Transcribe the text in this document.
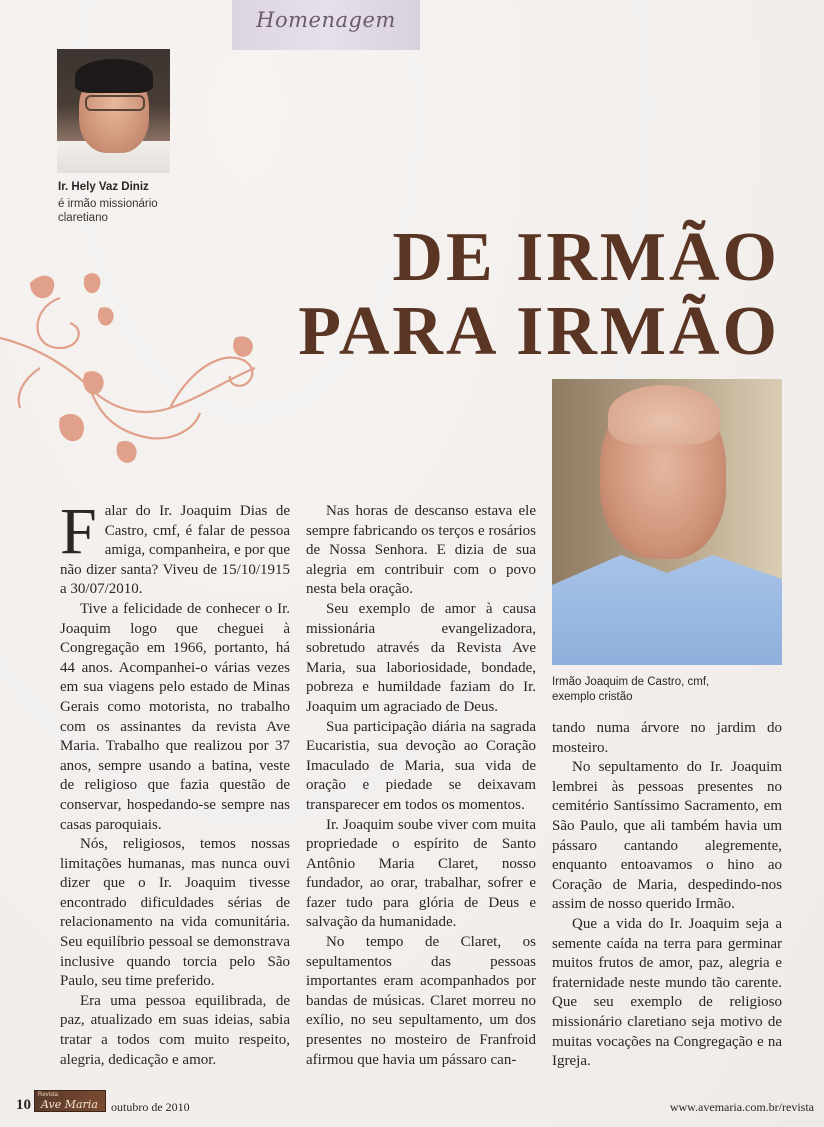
Homenagem
Ir. Hely Vaz Diniz
é irmão missionário claretiano
DE IRMÃO
PARA IRMÃO
Irmão Joaquim de Castro, cmf,
exemplo cristão

Falar do Ir. Joaquim Dias de Castro, cmf, é falar de pessoa amiga, companheira, e por que não dizer santa? Viveu de 15/10/1915 a 30/07/2010.

Tive a felicidade de conhecer o Ir. Joaquim logo que cheguei à Congregação em 1966, portanto, há 44 anos. Acompanhei-o várias vezes em sua viagens pelo estado de Minas Gerais como motorista, no trabalho com os assinantes da revista Ave Maria. Trabalho que realizou por 37 anos, sempre usando a batina, veste de religioso que fazia questão de conservar, hospedando-se sempre nas casas paroquiais.

Nós, religiosos, temos nossas limitações humanas, mas nunca ouvi dizer que o Ir. Joaquim tivesse encontrado dificuldades sérias de relacionamento na vida comunitária. Seu equilíbrio pessoal se demonstrava inclusive quando torcia pelo São Paulo, seu time preferido.

Era uma pessoa equilibrada, de paz, atualizado em suas ideias, sabia tratar a todos com muito respeito, alegria, dedicação e amor.

Nas horas de descanso estava ele sempre fabricando os terços e rosários de Nossa Senhora. E dizia de sua alegria em contribuir com o povo nesta bela oração.

Seu exemplo de amor à causa missionária evangelizadora, sobretudo através da Revista Ave Maria, sua laboriosidade, bondade, pobreza e humildade faziam do Ir. Joaquim um agraciado de Deus.

Sua participação diária na sagrada Eucaristia, sua devoção ao Coração Imaculado de Maria, sua vida de oração e piedade se deixavam transparecer em todos os momentos.

Ir. Joaquim soube viver com muita propriedade o espírito de Santo Antônio Maria Claret, nosso fundador, ao orar, trabalhar, sofrer e fazer tudo para glória de Deus e salvação da humanidade.

No tempo de Claret, os sepultamentos das pessoas importantes eram acompanhados por bandas de músicas. Claret morreu no exílio, no seu sepultamento, um dos presentes no mosteiro de Franfroid afirmou que havia um pássaro can-

tando numa árvore no jardim do mosteiro.

No sepultamento do Ir. Joaquim lembrei às pessoas presentes no cemitério Santíssimo Sacramento, em São Paulo, que ali também havia um pássaro cantando alegremente, enquanto entoavamos o hino ao Coração de Maria, despedindo-nos assim de nosso querido Irmão.

Que a vida do Ir. Joaquim seja a semente caída na terra para germinar muitos frutos de amor, paz, alegria e fraternidade neste mundo tão carente. Que seu exemplo de religioso missionário claretiano seja motivo de muitas vocações na Congregação e na Igreja.

10
Revista
Ave Maria outubro de 2010	www.avemaria.com.br/revista
